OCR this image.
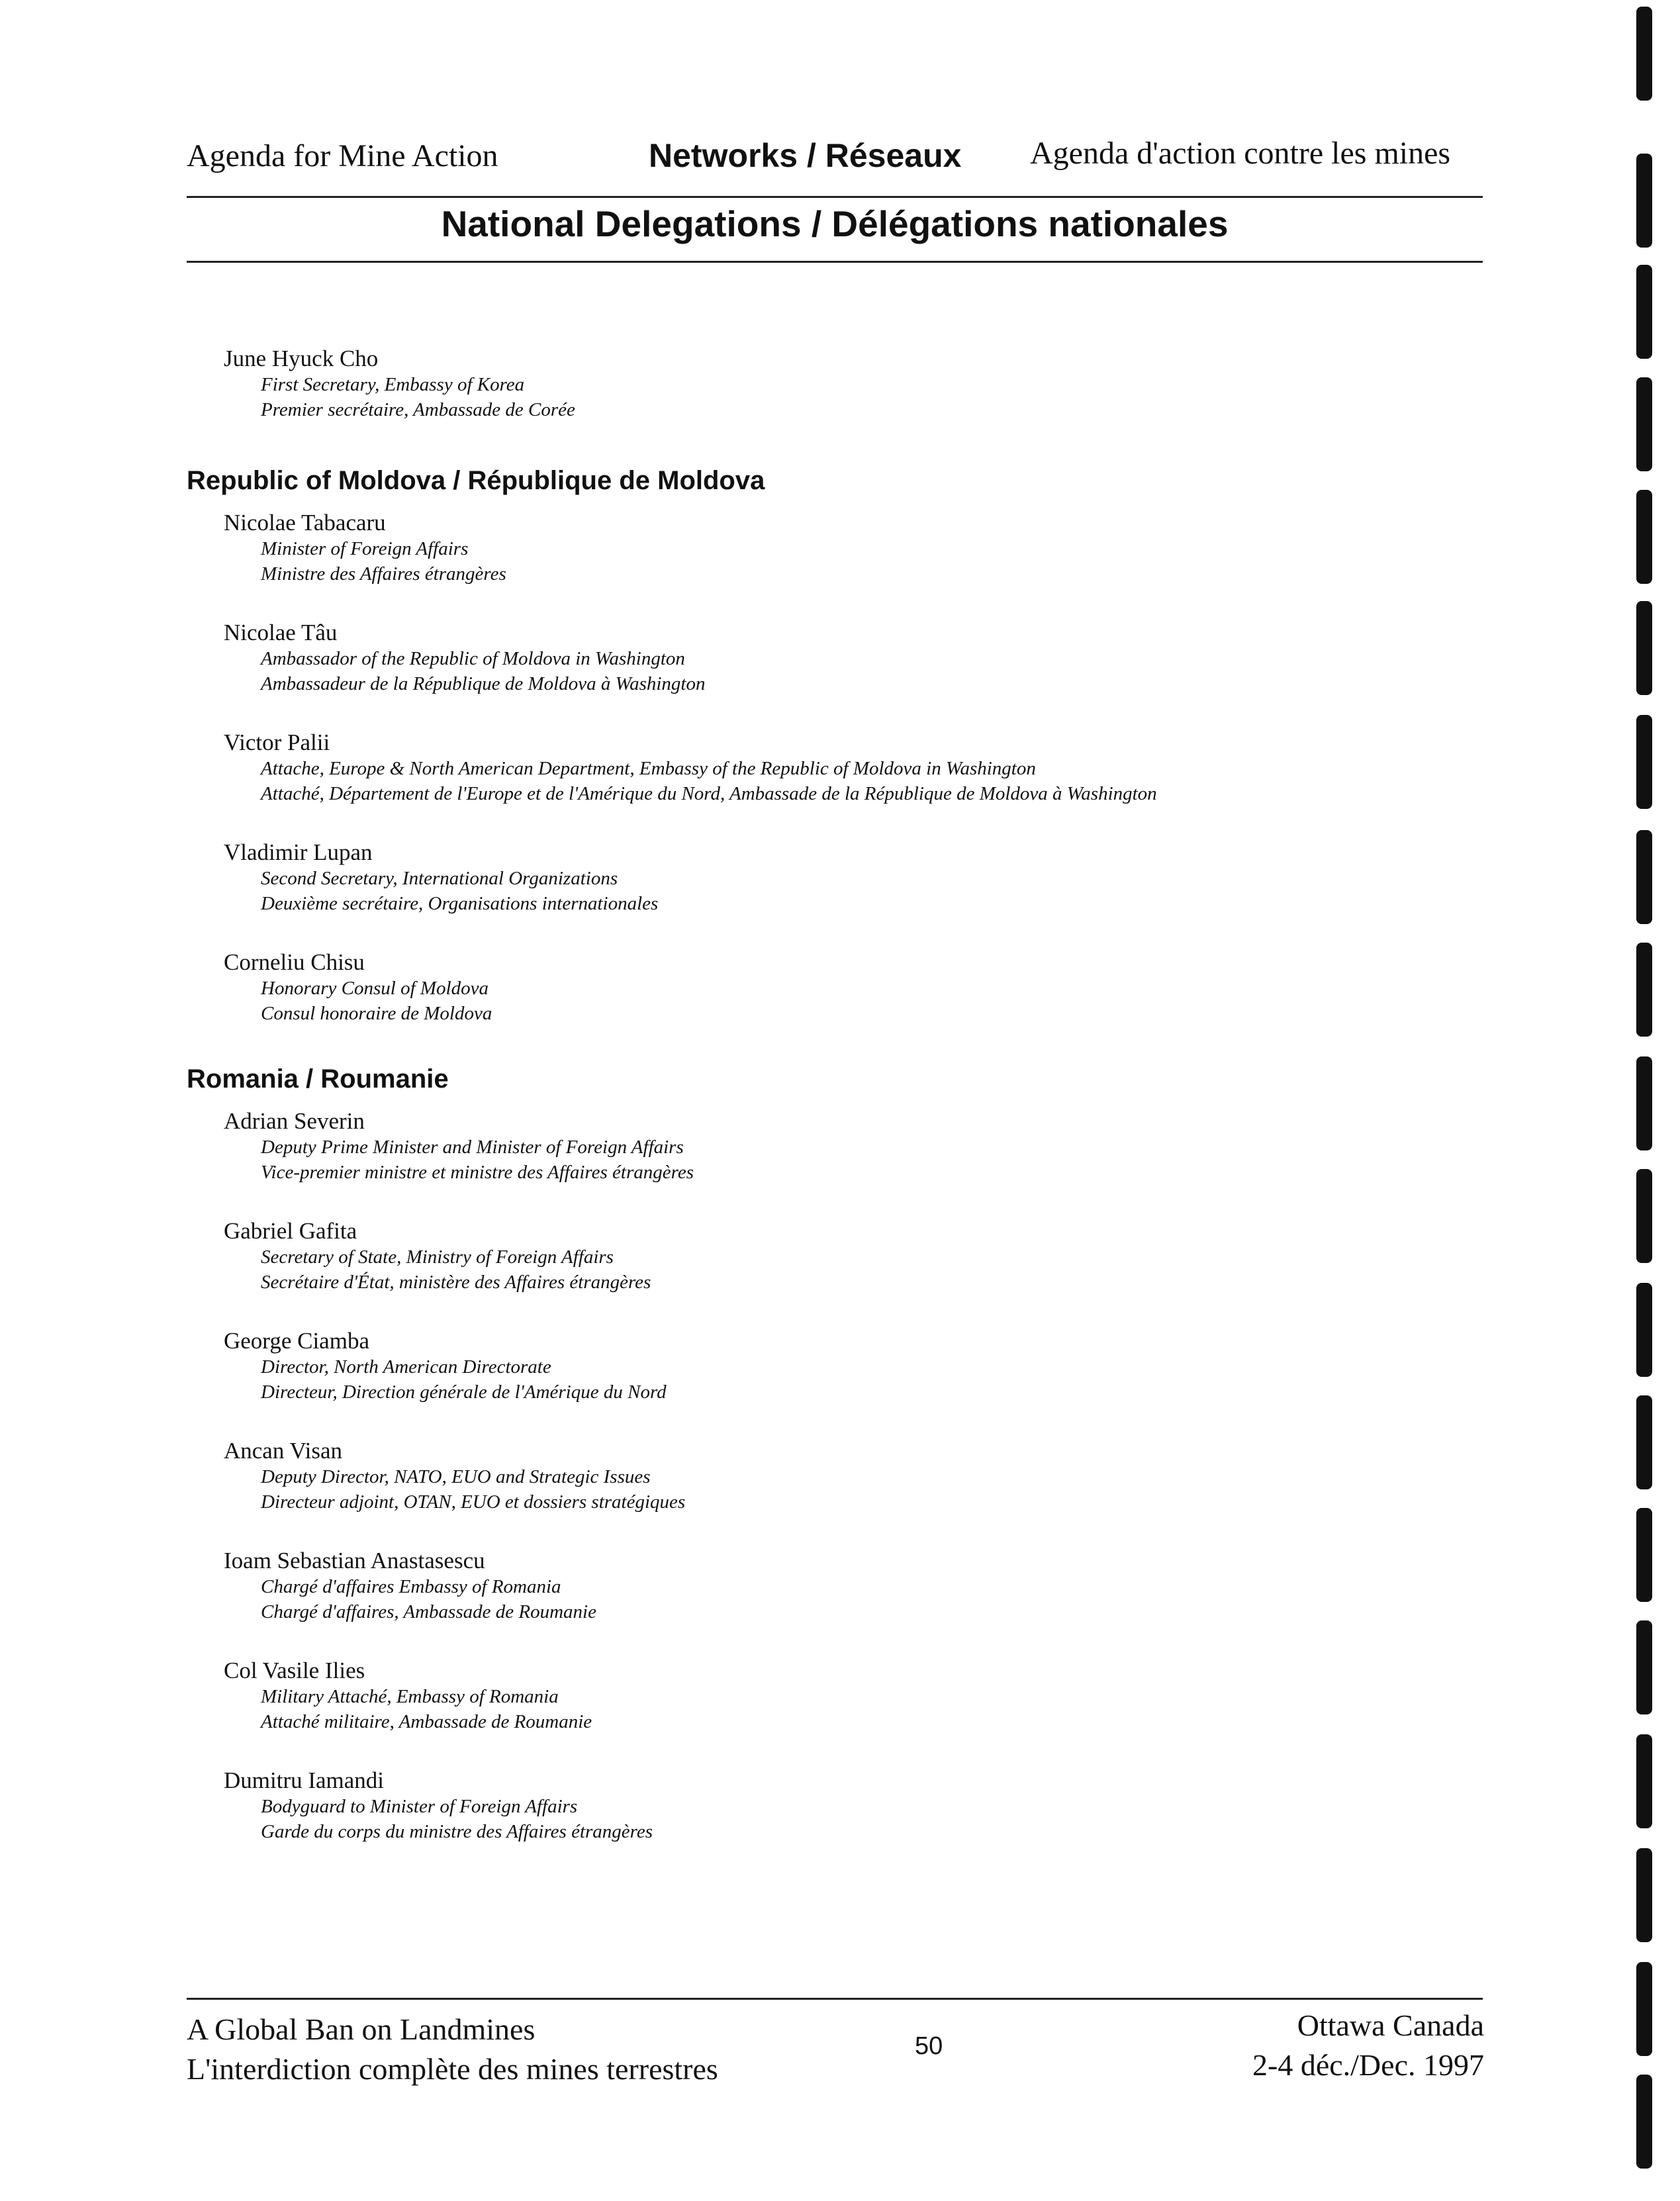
Agenda for Mine Action	Networks / Réseaux Agenda d'action contre les mines
National Delegations / Délégations nationales
June Hyuck Cho
First Secretary, Embassy of Korea
Premier secrétaire, Ambassade de Corée
Republic of Moldova / République de Moldova
Nicolae Tabacaru
Minister of Foreign Affairs
Ministre des Affaires étrangères
Nicolae Tâu
Ambassador of the Republic of Moldova in Washington
Ambassadeur de la République de Moldova à Washington
Victor Palii
Attache, Europe & North American Department, Embassy of the Republic of Moldova in Washington
Attaché, Département de l'Europe et de l'Amérique du Nord, Ambassade de la République de Moldova à Washington
Vladimir Lupan
Second Secretary, International Organizations
Deuxième secrétaire, Organisations internationales
Corneliu Chisu
Honorary Consul of Moldova
Consul honoraire de Moldova
Romania / Roumanie
Adrian Severin
Deputy Prime Minister and Minister of Foreign Affairs
Vice-premier ministre et ministre des Affaires étrangères
Gabriel Gafita
Secretary of State, Ministry of Foreign Affairs
Secrétaire d'État, ministère des Affaires étrangères
George Ciamba
Director, North American Directorate
Directeur, Direction générale de l'Amérique du Nord
Ancan Visan
Deputy Director, NATO, EUO and Strategic Issues
Directeur adjoint, OTAN, EUO et dossiers stratégiques
Ioam Sebastian Anastasescu
Chargé d'affaires Embassy of Romania
Chargé d'affaires, Ambassade de Roumanie
Col Vasile Ilies
Military Attaché, Embassy of Romania
Attaché militaire, Ambassade de Roumanie
Dumitru Iamandi
Bodyguard to Minister of Foreign Affairs
Garde du corps du ministre des Affaires étrangères
A Global Ban on Landmines
L'interdiction complète des mines terrestres
50
Ottawa Canada
2-4 déc./Dec. 1997
